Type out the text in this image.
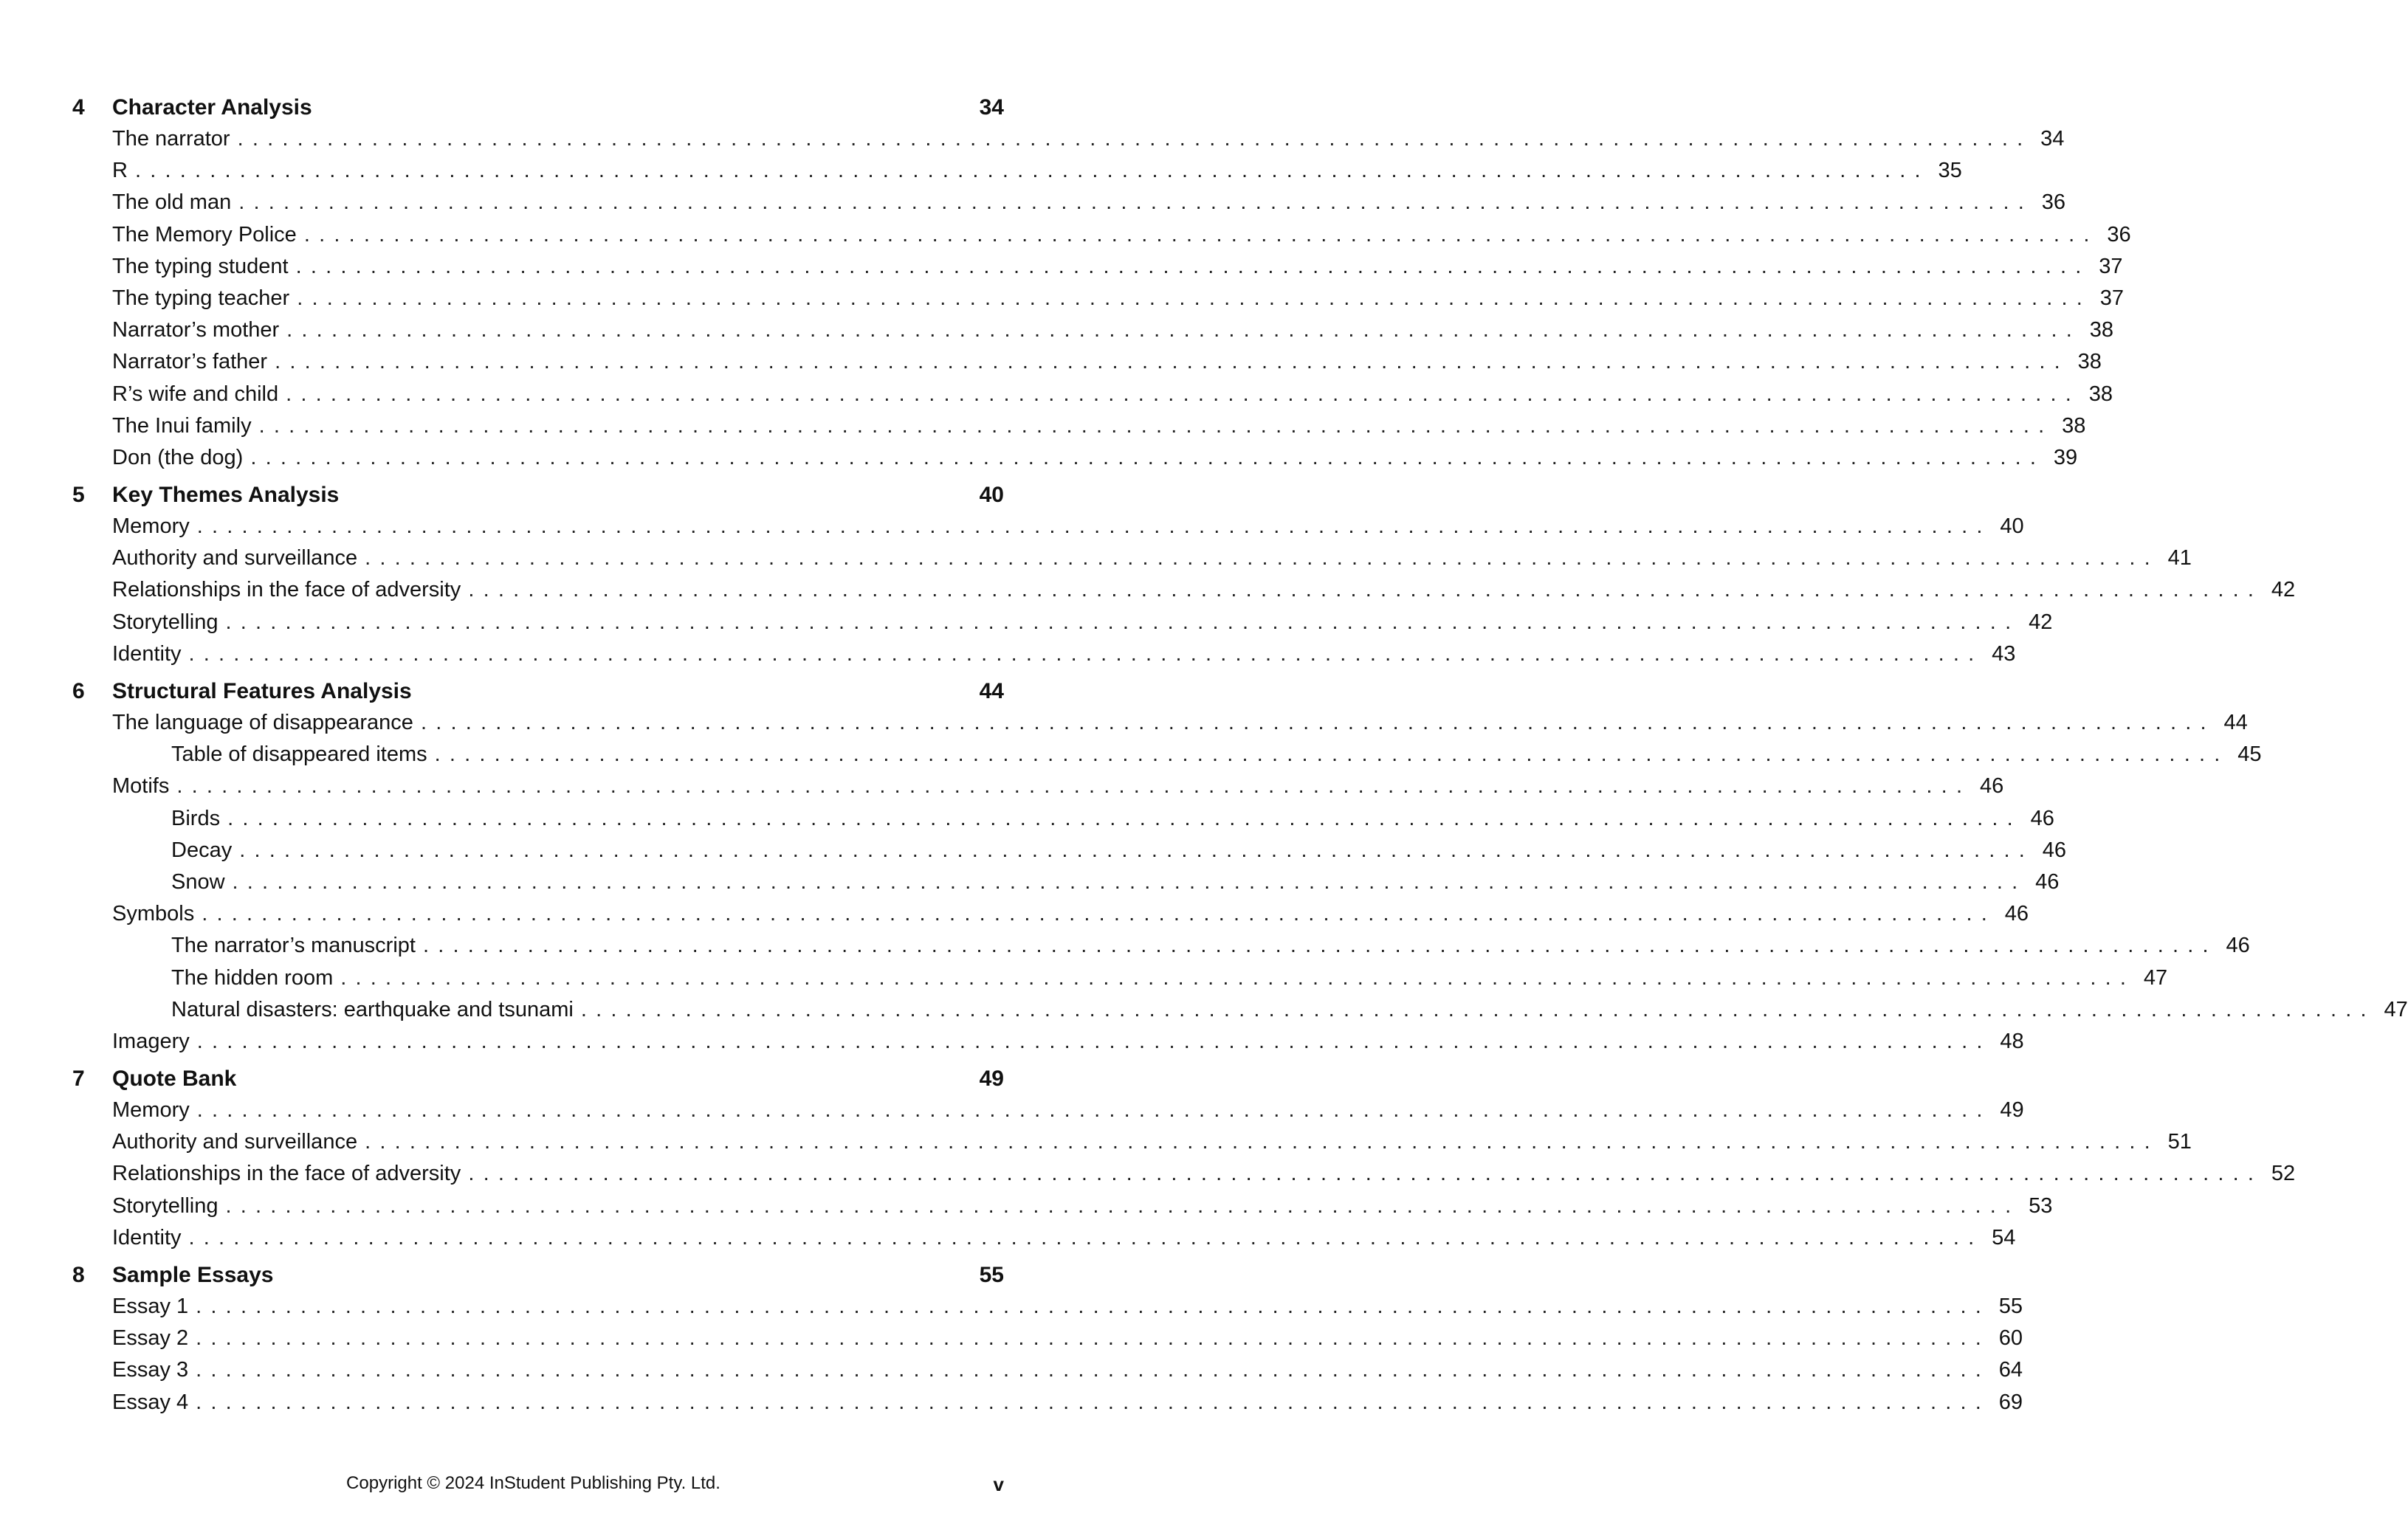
4	Character Analysis	34
The narrator ........................................................................................................................ 34
R ........................................................................................................................ 35
The old man ........................................................................................................................ 36
The Memory Police ........................................................................................................................ 36
The typing student ........................................................................................................................ 37
The typing teacher ........................................................................................................................ 37
Narrator’s mother ........................................................................................................................ 38
Narrator’s father ........................................................................................................................ 38
R’s wife and child ........................................................................................................................ 38
The Inui family ........................................................................................................................ 38
Don (the dog) ........................................................................................................................ 39
5	Key Themes Analysis	40
Memory ........................................................................................................................ 40
Authority and surveillance ........................................................................................................................ 41
Relationships in the face of adversity ........................................................................................................................ 42
Storytelling ........................................................................................................................ 42
Identity ........................................................................................................................ 43
6	Structural Features Analysis	44
The language of disappearance ........................................................................................................................ 44
Table of disappeared items ........................................................................................................................ 45
Motifs ........................................................................................................................ 46
Birds ........................................................................................................................ 46
Decay ........................................................................................................................ 46
Snow ........................................................................................................................ 46
Symbols ........................................................................................................................ 46
The narrator’s manuscript ........................................................................................................................ 46
The hidden room ........................................................................................................................ 47
Natural disasters: earthquake and tsunami ........................................................................................................................ 47
Imagery ........................................................................................................................ 48
7	Quote Bank	49
Memory ........................................................................................................................ 49
Authority and surveillance ........................................................................................................................ 51
Relationships in the face of adversity ........................................................................................................................ 52
Storytelling ........................................................................................................................ 53
Identity ........................................................................................................................ 54
8	Sample Essays	55
Essay 1 ........................................................................................................................ 55
Essay 2 ........................................................................................................................ 60
Essay 3 ........................................................................................................................ 64
Essay 4 ........................................................................................................................ 69
Copyright © 2024 InStudent Publishing Pty. Ltd.	v
